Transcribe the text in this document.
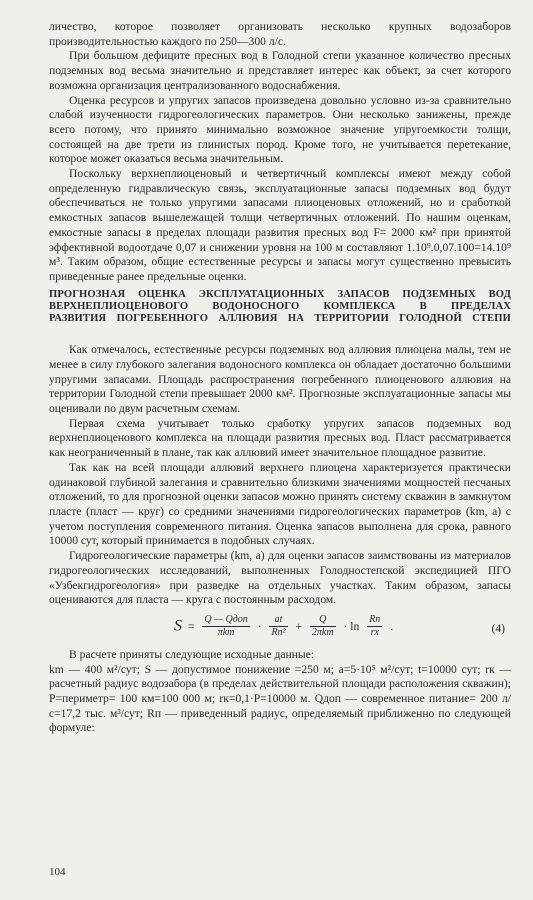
личество, которое позволяет организовать несколько крупных водозаборов производительностью каждого по 250—300 л/с.

При большом дефиците пресных вод в Голодной степи указанное количество пресных подземных вод весьма значительно и представляет интерес как объект, за счет которого возможна организация централизованного водоснабжения.

Оценка ресурсов и упругих запасов произведена довольно условно из-за сравнительно слабой изученности гидрогеологических параметров. Они несколько занижены, прежде всего потому, что принято минимально возможное значение упругоемкости толщи, состоящей на две трети из глинистых пород. Кроме того, не учитывается перетекание, которое может оказаться весьма значительным.

Поскольку верхнеплиоценовый и четвертичный комплексы имеют между собой определенную гидравлическую связь, эксплуатационные запасы подземных вод будут обеспечиваться не только упругими запасами плиоценовых отложений, но и сработкой емкостных запасов вышележащей толщи четвертичных отложений. По нашим оценкам, емкостные запасы в пределах площади развития пресных вод F= 2000 км² при принятой эффективной водоотдаче 0,07 и снижении уровня на 100 м составляют 1.10⁹.0,07.100=14.10⁹ м³. Таким образом, общие естественные ресурсы и запасы могут существенно превысить приведенные ранее предельные оценки.

ПРОГНОЗНАЯ ОЦЕНКА ЭКСПЛУАТАЦИОННЫХ ЗАПАСОВ ПОДЗЕМНЫХ ВОД
ВЕРХНЕПЛИОЦЕНОВОГО ВОДОНОСНОГО КОМПЛЕКСА В ПРЕДЕЛАХ
РАЗВИТИЯ ПОГРЕБЕННОГО АЛЛЮВИЯ НА ТЕРРИТОРИИ ГОЛОДНОЙ СТЕПИ

Как отмечалось, естественные ресурсы подземных вод аллювия плиоцена малы, тем не менее в силу глубокого залегания водоносного комплекса он обладает достаточно большими упругими запасами. Площадь распространения погребенного плиоценового аллювия на территории Голодной степи превышает 2000 км². Прогнозные эксплуатационные запасы мы оценивали по двум расчетным схемам.

Первая схема учитывает только сработку упругих запасов подземных вод верхнеплиоценового комплекса на площади развития пресных вод. Пласт рассматривается как неограниченный в плане, так как аллювий имеет значительное площадное развитие.

Так как на всей площади аллювий верхнего плиоцена характеризуется практически одинаковой глубиной залегания и сравнительно близкими значениями мощностей песчаных отложений, то для прогнозной оценки запасов можно принять систему скважин в замкнутом пласте (пласт — круг) со средними значениями гидрогеологических параметров (km, a) с учетом поступления современного питания. Оценка запасов выполнена для срока, равного 10000 сут, который принимается в подобных случаях.

Гидрогеологические параметры (km, a) для оценки запасов заимствованы из материалов гидрогеологических исследований, выполненных Голодностепской экспедицией ПГО «Узбекгидрогеология» при разведке на отдельных участках. Таким образом, запасы оцениваются для пласта — круга с постоянным расходом.

$S = \frac{\text{Q — Qдоп}}{\text{πkm}} \cdot \frac{at}{\text{Rп²}} + \frac{Q}{\text{2πkm}} \cdot \ln \frac{Rп}{rx}$ .	(4)

В расчете приняты следующие исходные данные:

km — 400 м²/сут; S — допустимое понижение =250 м; a=5·10⁵ м²/сут; t=10000 сут; rк — расчетный радиус водозабора (в пределах действительной площади расположения скважин); P=периметр= 100 км=100 000 м; rк=0,1·P=10000 м. Qдоп — современное питание= 200 л/с=17,2 тыс. м³/сут; Rп — приведенный радиус, определяемый приближенно по следующей формуле:

104
